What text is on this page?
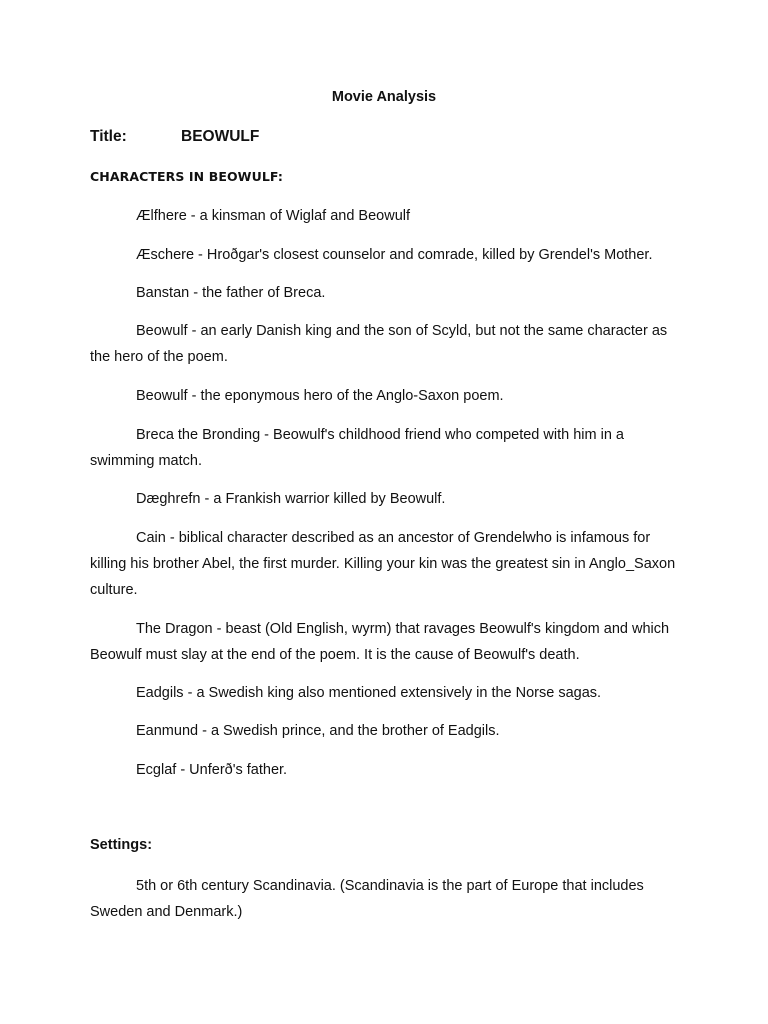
Movie Analysis
Title:	BEOWULF
CHARACTERS IN BEOWULF:

Ælfhere - a kinsman of Wiglaf and Beowulf

Æschere - Hroðgar's closest counselor and comrade, killed by Grendel's Mother.

Banstan - the father of Breca.

Beowulf - an early Danish king and the son of Scyld, but not the same character as the hero of the poem.

Beowulf - the eponymous hero of the Anglo-Saxon poem.

Breca the Bronding - Beowulf's childhood friend who competed with him in a swimming match.

Dæghrefn - a Frankish warrior killed by Beowulf.

Cain - biblical character described as an ancestor of Grendelwho is infamous for killing his brother Abel, the first murder. Killing your kin was the greatest sin in Anglo_Saxon culture.

The Dragon - beast (Old English, wyrm) that ravages Beowulf's kingdom and which Beowulf must slay at the end of the poem. It is the cause of Beowulf's death.

Eadgils - a Swedish king also mentioned extensively in the Norse sagas.

Eanmund - a Swedish prince, and the brother of Eadgils.

Ecglaf - Unferð's father.

Settings:

5th or 6th century Scandinavia. (Scandinavia is the part of Europe that includes Sweden and Denmark.)
